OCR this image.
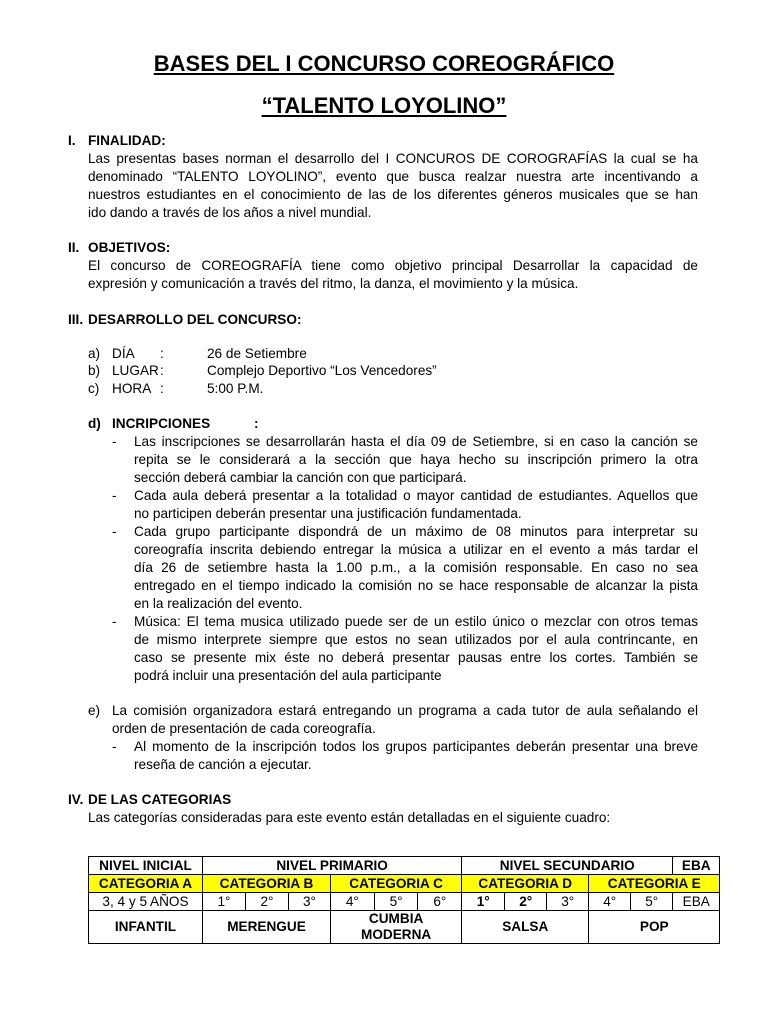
BASES DEL I CONCURSO COREOGRÁFICO
“TALENTO LOYOLINO”
I. FINALIDAD:
Las presentas bases norman el desarrollo del I CONCUROS DE COROGRAFÍAS la cual se ha
denominado “TALENTO LOYOLINO”, evento que busca realzar nuestra arte incentivando a
nuestros estudiantes en el conocimiento de las de los diferentes géneros musicales que se han
ido dando a través de los años a nivel mundial.
II. OBJETIVOS:
El concurso de COREOGRAFÍA tiene como objetivo principal Desarrollar la capacidad de
expresión y comunicación a través del ritmo, la danza, el movimiento y la música.
III. DESARROLLO DEL CONCURSO:
a) DÍA :	26 de Setiembre
b) LUGAR :	Complejo Deportivo “Los Vencedores”
c) HORA :	5:00 P.M.
d) INCRIPCIONES	:
- Las inscripciones se desarrollarán hasta el día 09 de Setiembre, si en caso la canción se
repita se le considerará a la sección que haya hecho su inscripción primero la otra
sección deberá cambiar la canción con que participará.
- Cada aula deberá presentar a la totalidad o mayor cantidad de estudiantes. Aquellos que
no participen deberán presentar una justificación fundamentada.
- Cada grupo participante dispondrá de un máximo de 08 minutos para interpretar su
coreografía inscrita debiendo entregar la música a utilizar en el evento a más tardar el
día 26 de setiembre hasta la 1.00 p.m., a la comisión responsable. En caso no sea
entregado en el tiempo indicado la comisión no se hace responsable de alcanzar la pista
en la realización del evento.
- Música: El tema musica utilizado puede ser de un estilo único o mezclar con otros temas
de mismo interprete siempre que estos no sean utilizados por el aula contrincante, en
caso se presente mix éste no deberá presentar pausas entre los cortes. También se
podrá incluir una presentación del aula participante
e) La comisión organizadora estará entregando un programa a cada tutor de aula señalando el
orden de presentación de cada coreografía.
- Al momento de la inscripción todos los grupos participantes deberán presentar una breve
reseña de canción a ejecutar.
IV. DE LAS CATEGORIAS
Las categorías consideradas para este evento están detalladas en el siguiente cuadro:
NIVEL INICIAL	NIVEL PRIMARIO						NIVEL SECUNDARIO					EBA
CATEGORIA A	CATEGORIA B			CATEGORIA C			CATEGORIA D			CATEGORIA E		
3, 4 y 5 AÑOS	1°	2°	3°	4°	5°	6°	1°	2°	3°	4°	5°	EBA
INFANTIL	MERENGUE			CUMBIA MODERNA			SALSA			POP		
